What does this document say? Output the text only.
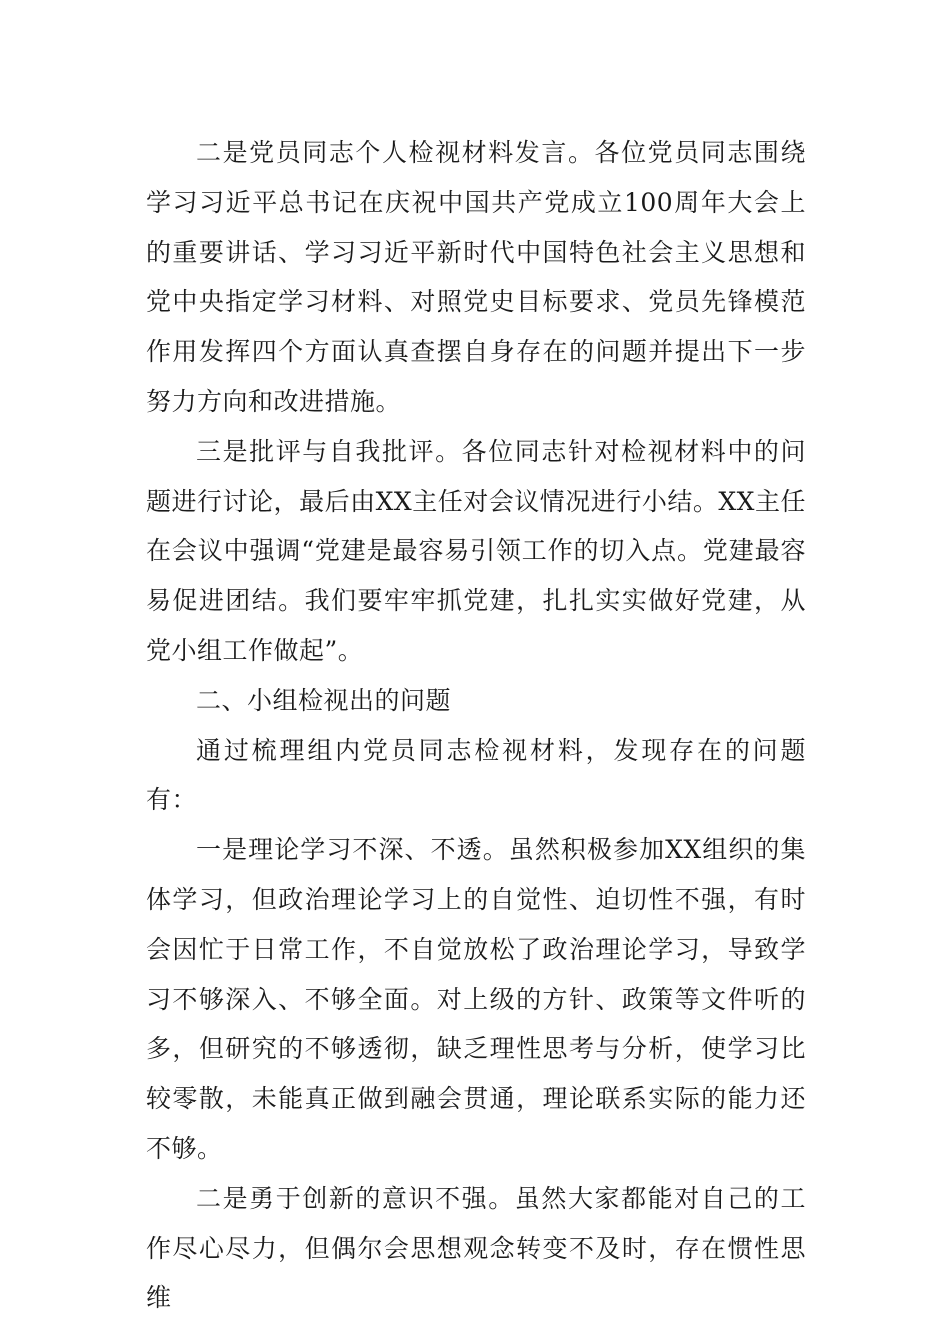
二是党员同志个人检视材料发言。各位党员同志围绕学习习近平总书记在庆祝中国共产党成立100周年大会上的重要讲话、学习习近平新时代中国特色社会主义思想和党中央指定学习材料、对照党史目标要求、党员先锋模范作用发挥四个方面认真查摆自身存在的问题并提出下一步努力方向和改进措施。

三是批评与自我批评。各位同志针对检视材料中的问题进行讨论，最后由XX主任对会议情况进行小结。XX主任在会议中强调“党建是最容易引领工作的切入点。党建最容易促进团结。我们要牢牢抓党建，扎扎实实做好党建，从党小组工作做起”。

二、小组检视出的问题

通过梳理组内党员同志检视材料，发现存在的问题有：

一是理论学习不深、不透。虽然积极参加XX组织的集体学习，但政治理论学习上的自觉性、迫切性不强，有时会因忙于日常工作，不自觉放松了政治理论学习，导致学习不够深入、不够全面。对上级的方针、政策等文件听的多，但研究的不够透彻，缺乏理性思考与分析，使学习比较零散，未能真正做到融会贯通，理论联系实际的能力还不够。

二是勇于创新的意识不强。虽然大家都能对自己的工作尽心尽力，但偶尔会思想观念转变不及时，存在惯性思维
